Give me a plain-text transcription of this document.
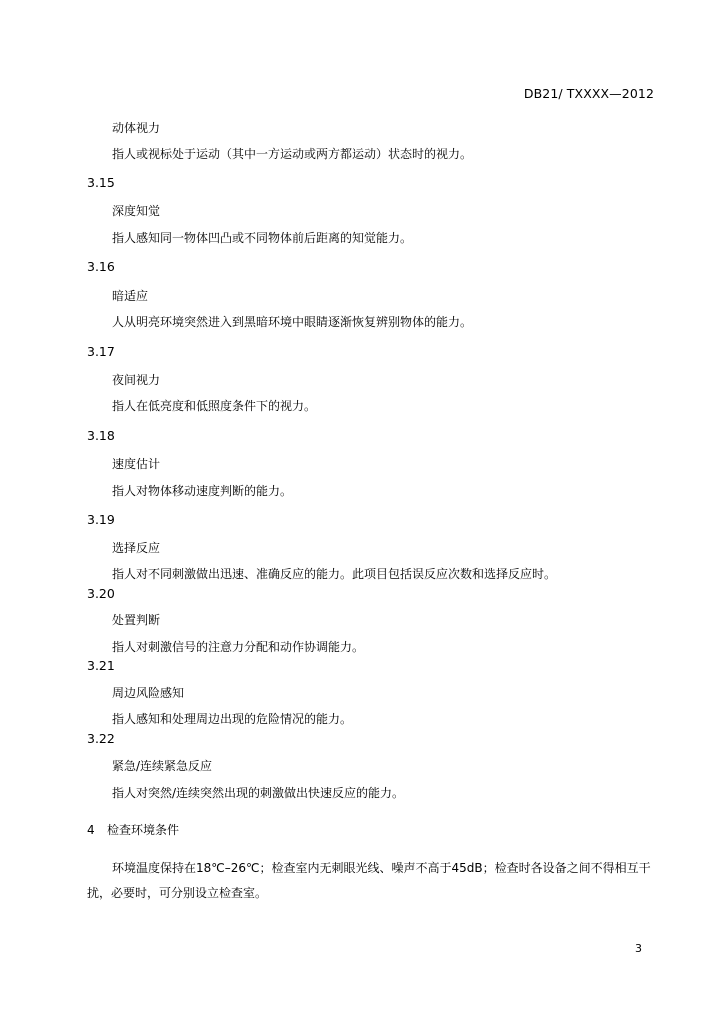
DB21/ TXXXX—2012
动体视力
指人或视标处于运动（其中一方运动或两方都运动）状态时的视力。
3.15
深度知觉
指人感知同一物体凹凸或不同物体前后距离的知觉能力。
3.16
暗适应
人从明亮环境突然进入到黑暗环境中眼睛逐渐恢复辨别物体的能力。
3.17
夜间视力
指人在低亮度和低照度条件下的视力。
3.18
速度估计
指人对物体移动速度判断的能力。
3.19
选择反应
指人对不同刺激做出迅速、准确反应的能力。此项目包括误反应次数和选择反应时。
3.20
处置判断
指人对刺激信号的注意力分配和动作协调能力。
3.21
周边风险感知
指人感知和处理周边出现的危险情况的能力。
3.22
紧急/连续紧急反应
指人对突然/连续突然出现的刺激做出快速反应的能力。
4 检查环境条件
环境温度保持在18℃–26℃；检查室内无刺眼光线、噪声不高于45dB；检查时各设备之间不得相互干扰，必要时，可分别设立检查室。
3
